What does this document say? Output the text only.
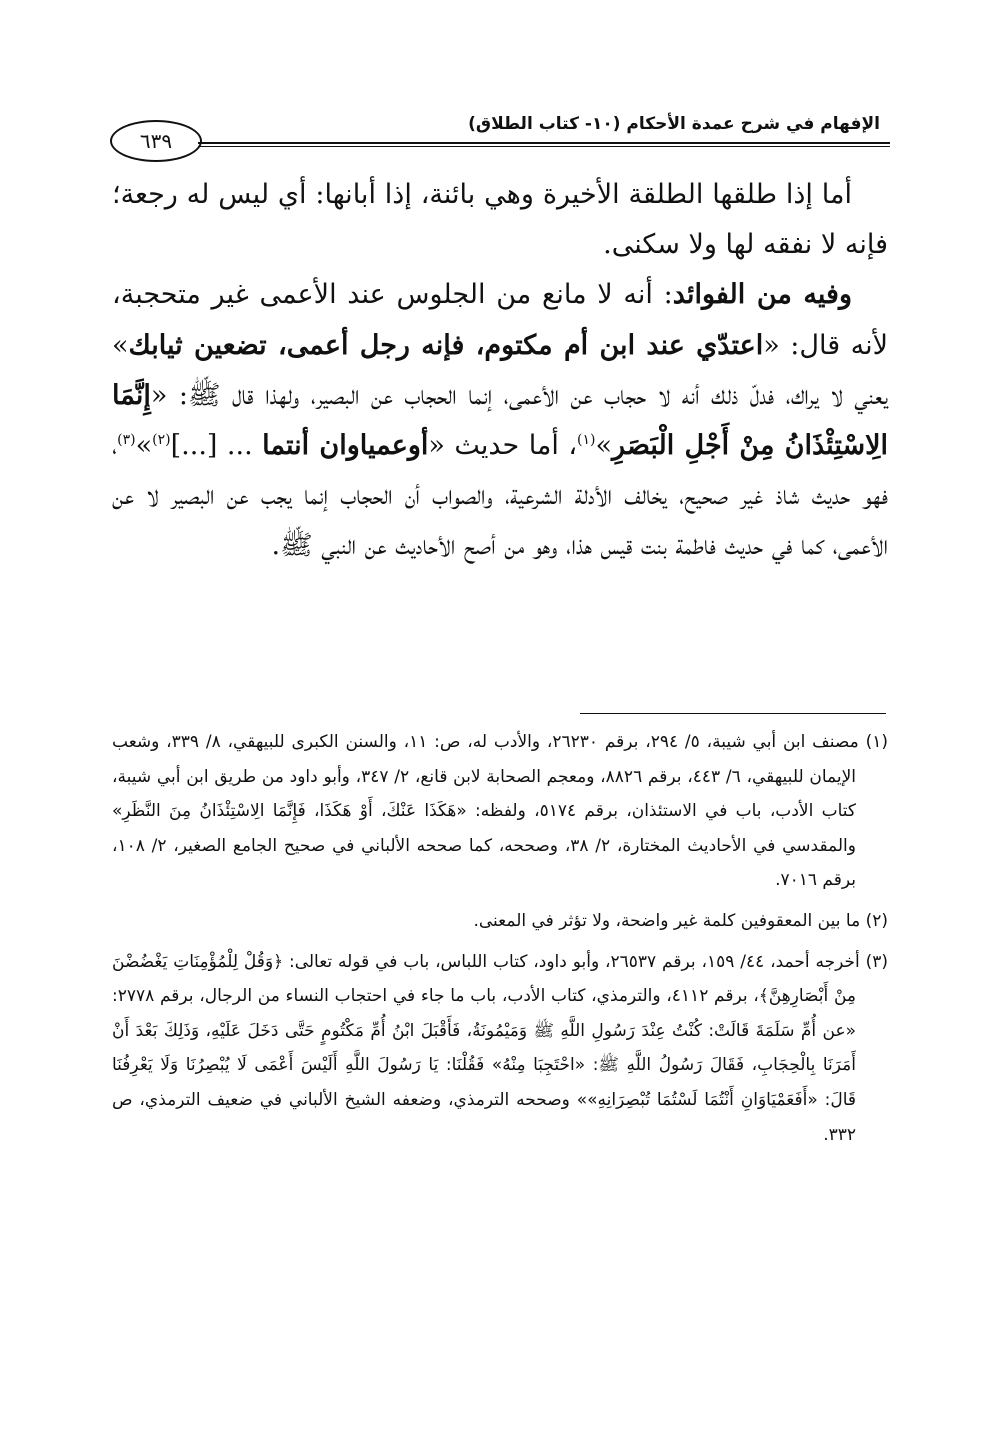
٦٣٩
الإفهام في شرح عمدة الأحكام (١٠- كتاب الطلاق)

أما إذا طلقها الطلقة الأخيرة وهي بائنة، إذا أبانها: أي ليس له رجعة؛ فإنه لا نفقه لها ولا سكنى.

وفيه من الفوائد: أنه لا مانع من الجلوس عند الأعمى غير متحجبة، لأنه قال: «اعتدّي عند ابن أم مكتوم، فإنه رجل أعمى، تضعين ثيابك» يعني لا يراك، فدلّ ذلك أنه لا حجاب عن الأعمى، إنما الحجاب عن البصير، ولهذا قال ﷺ: «إِنَّمَا الِاسْتِئْذَانُ مِنْ أَجْلِ الْبَصَرِ»$^{(١)}$، أما حديث «أوعمياوان أنتما ... [...]$^{(٢)}$»$^{(٣)}$، فهو حديث شاذ غير صحيح، يخالف الأدلة الشرعية، والصواب أن الحجاب إنما يجب عن البصير لا عن الأعمى، كما في حديث فاطمة بنت قيس هذا، وهو من أصح الأحاديث عن النبي ﷺ.

(١) مصنف ابن أبي شيبة، ٥/ ٢٩٤، برقم ٢٦٢٣٠، والأدب له، ص: ١١، والسنن الكبرى للبيهقي، ٨/ ٣٣٩، وشعب الإيمان للبيهقي، ٦/ ٤٤٣، برقم ٨٨٢٦، ومعجم الصحابة لابن قانع، ٢/ ٣٤٧، وأبو داود من طريق ابن أبي شيبة، كتاب الأدب، باب في الاستئذان، برقم ٥١٧٤، ولفظه: «هَكَذَا عَنْكَ، أَوْ هَكَذَا، فَإِنَّمَا الِاسْتِئْذَانُ مِنَ النَّظَرِ» والمقدسي في الأحاديث المختارة، ٢/ ٣٨، وصححه، كما صححه الألباني في صحيح الجامع الصغير، ٢/ ١٠٨، برقم ٧٠١٦.

(٢) ما بين المعقوفين كلمة غير واضحة، ولا تؤثر في المعنى.

(٣) أخرجه أحمد، ٤٤/ ١٥٩، برقم ٢٦٥٣٧، وأبو داود، كتاب اللباس، باب في قوله تعالى: ﴿وَقُلْ لِلْمُؤْمِنَاتِ يَغْضُضْنَ مِنْ أَبْصَارِهِنَّ﴾، برقم ٤١١٢، والترمذي، كتاب الأدب، باب ما جاء في احتجاب النساء من الرجال، برقم ٢٧٧٨: «عن أُمِّ سَلَمَةَ قَالَتْ: كُنْتُ عِنْدَ رَسُولِ اللَّهِ ﷺ وَمَيْمُونَةُ، فَأَقْبَلَ ابْنُ أُمِّ مَكْتُومٍ حَتَّى دَخَلَ عَلَيْهِ، وَذَلِكَ بَعْدَ أَنْ أَمَرَنَا بِالْحِجَابِ، فَقَالَ رَسُولُ اللَّهِ ﷺ: «احْتَجِبَا مِنْهُ» فَقُلْنَا: يَا رَسُولَ اللَّهِ أَلَيْسَ أَعْمَى لَا يُبْصِرُنَا وَلَا يَعْرِفُنَا قَالَ: «أَفَعَمْيَاوَانِ أَنْتُمَا لَسْتُمَا تُبْصِرَانِهِ»» وصححه الترمذي، وضعفه الشيخ الألباني في ضعيف الترمذي، ص ٣٣٢.
